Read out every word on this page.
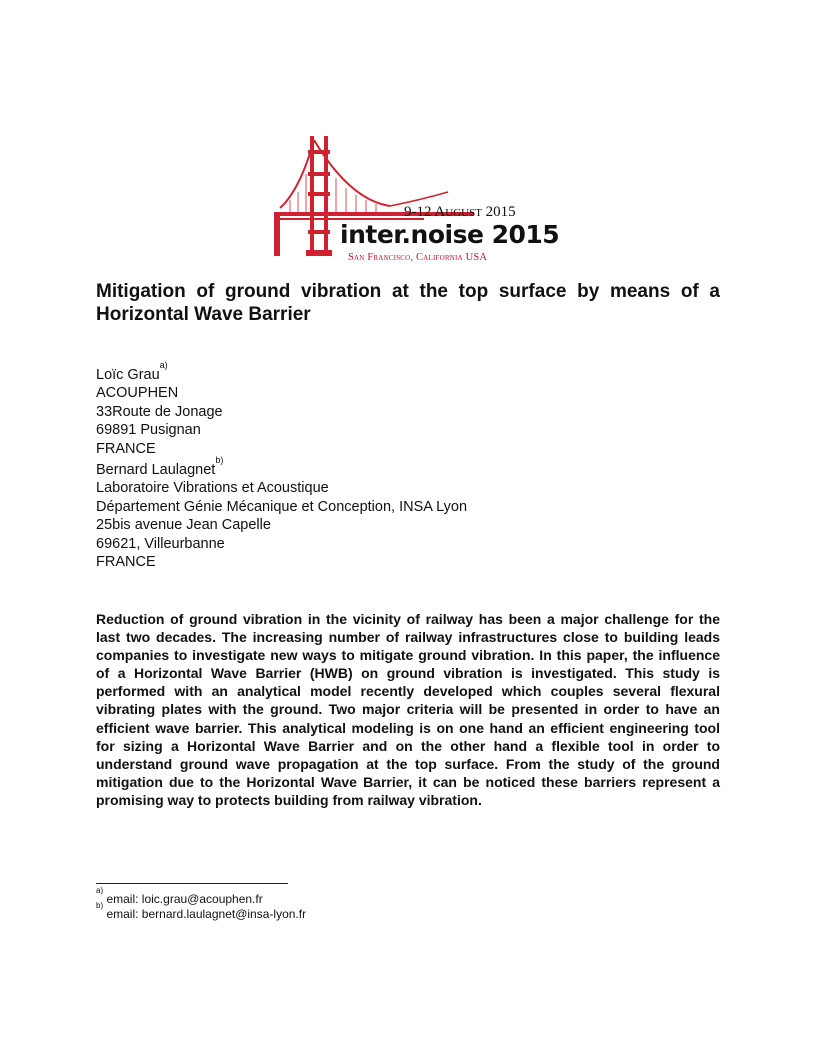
9-12 August 2015
inter.noise 2015
San Francisco, California USA
Mitigation of ground vibration at the top surface by means of a Horizontal Wave Barrier
Loïc Grau$^{a)}$
ACOUPHEN
33Route de Jonage
69891 Pusignan
FRANCE
Bernard Laulagnet$^{b)}$
Laboratoire Vibrations et Acoustique
Département Génie Mécanique et Conception, INSA Lyon
25bis avenue Jean Capelle
69621, Villeurbanne
FRANCE
Reduction of ground vibration in the vicinity of railway has been a major challenge for the last two decades. The increasing number of railway infrastructures close to building leads companies to investigate new ways to mitigate ground vibration. In this paper, the influence of a Horizontal Wave Barrier (HWB) on ground vibration is investigated. This study is performed with an analytical model recently developed which couples several flexural vibrating plates with the ground. Two major criteria will be presented in order to have an efficient wave barrier. This analytical modeling is on one hand an efficient engineering tool for sizing a Horizontal Wave Barrier and on the other hand a flexible tool in order to understand ground wave propagation at the top surface. From the study of the ground mitigation due to the Horizontal Wave Barrier, it can be noticed these barriers represent a promising way to protects building from railway vibration.
$^{a)}$ email: loic.grau@acouphen.fr
$^{b)}$ email: bernard.laulagnet@insa-lyon.fr
